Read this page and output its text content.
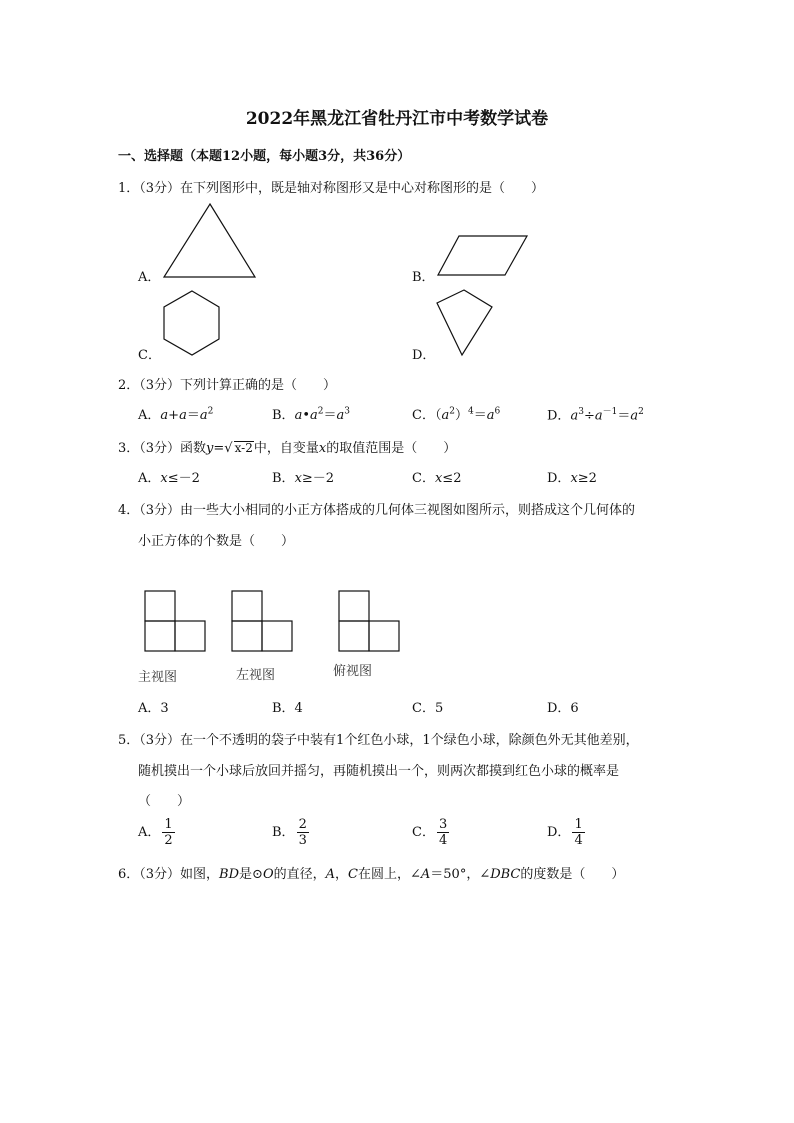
2022年黑龙江省牡丹江市中考数学试卷
一、选择题（本题12小题，每小题3分，共36分）
1．（3分）在下列图形中，既是轴对称图形又是中心对称图形的是（　　）
A．	B．
C．	D．
2．（3分）下列计算正确的是（　　）
A．$a+a=a^2$	B．$a•a^2=a^3$	C．$(a^2)^4=a^6$	D．$a^3\div a^{-1}=a^2$
3．（3分）函数y=√ x-2中，自变量x的取值范围是（　　）
A．x≤－2	B．x≥－2	C．x≤2	D．x≥2
4．（3分）由一些大小相同的小正方体搭成的几何体三视图如图所示，则搭成这个几何体的
小正方体的个数是（　　）
主视图	左视图	俯视图
A．3	B．4	C．5	D．6
5．（3分）在一个不透明的袋子中装有1个红色小球，1个绿色小球，除颜色外无其他差别，
随机摸出一个小球后放回并摇匀，再随机摸出一个，则两次都摸到红色小球的概率是
（　　）
A． $\frac{1}{2}$	B． $\frac{2}{3}$	C． $\frac{3}{4}$	D． $\frac{1}{4}$
6．（3分）如图，BD是⊙O的直径，A，C在圆上，∠A＝50°，∠DBC的度数是（　　）
